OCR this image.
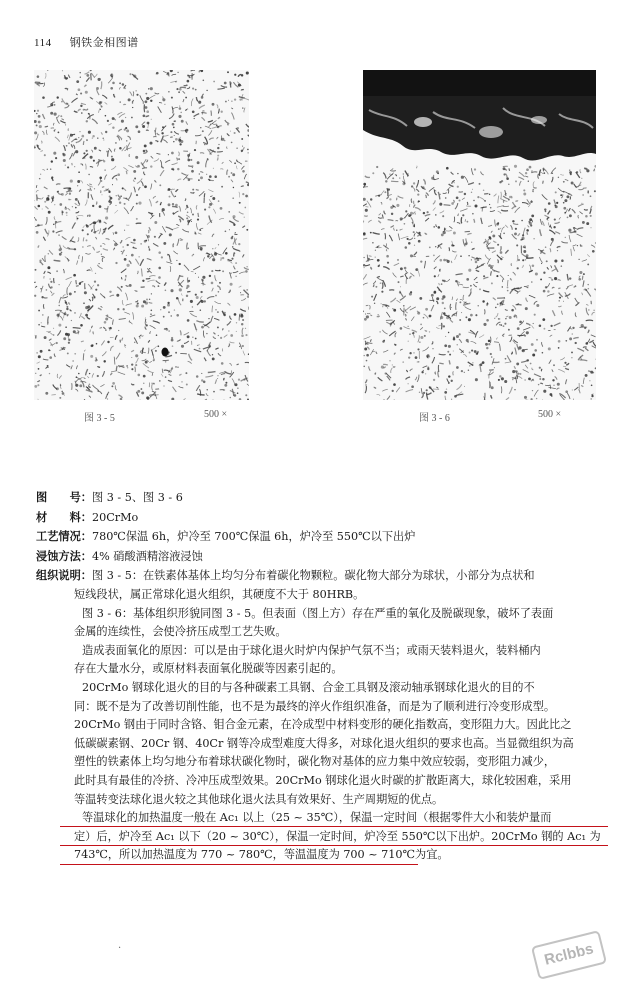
114 钢铁金相图谱
图 3 - 5	500 ×	图 3 - 6	500 ×
图　　号：图 3 - 5、图 3 - 6
材　　料：20CrMo
工艺情况：780℃保温 6h，炉冷至 700℃保温 6h，炉冷至 550℃以下出炉
浸蚀方法：4% 硝酸酒精溶液浸蚀
组织说明：图 3 - 5：在铁素体基体上均匀分布着碳化物颗粒。碳化物大部分为球状，小部分为点状和
短线段状，属正常球化退火组织，其硬度不大于 80HRB。
图 3 - 6：基体组织形貌同图 3 - 5。但表面（图上方）存在严重的氧化及脱碳现象，破坏了表面
金属的连续性，会使冷挤压成型工艺失败。
造成表面氧化的原因：可以是由于球化退火时炉内保护气氛不当；或雨天装料退火，装料桶内
存在大量水分，或原材料表面氧化脱碳等因素引起的。
20CrMo 钢球化退火的目的与各种碳素工具钢、合金工具钢及滚动轴承钢球化退火的目的不
同：既不是为了改善切削性能，也不是为最终的淬火作组织准备，而是为了顺利进行冷变形成型。
20CrMo 钢由于同时含铬、钼合金元素，在冷成型中材料变形的硬化指数高，变形阻力大。因此比之
低碳碳素钢、20Cr 钢、40Cr 钢等冷成型难度大得多，对球化退火组织的要求也高。当显微组织为高
塑性的铁素体上均匀地分布着球状碳化物时，碳化物对基体的应力集中效应较弱，变形阻力减少，
此时具有最佳的冷挤、冷冲压成型效果。20CrMo 钢球化退火时碳的扩散距离大，球化较困难，采用
等温转变法球化退火较之其他球化退火法具有效果好、生产周期短的优点。
等温球化的加热温度一般在 Ac₁ 以上（25 ~ 35℃），保温一定时间（根据零件大小和装炉量而
定）后，炉冷至 Ac₁ 以下（20 ~ 30℃），保温一定时间，炉冷至 550℃以下出炉。20CrMo 钢的 Ac₁ 为
743℃，所以加热温度为 770 ~ 780℃，等温温度为 700 ~ 710℃为宜。
.	Rclbbs
